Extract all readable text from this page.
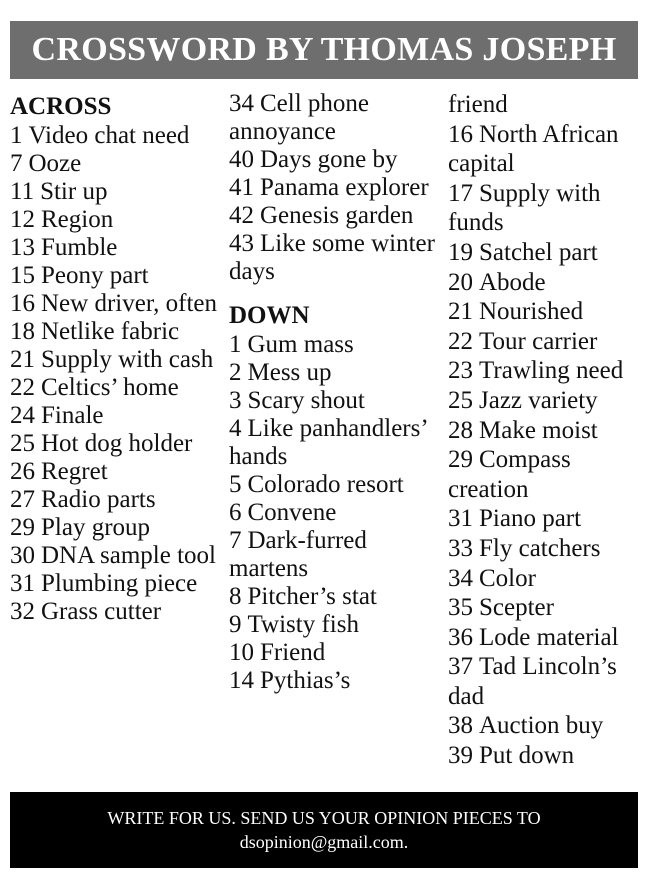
CROSSWORD BY THOMAS JOSEPH
ACROSS
1 Video chat need
7 Ooze
11 Stir up
12 Region
13 Fumble
15 Peony part
16 New driver, often
18 Netlike fabric
21 Supply with cash
22 Celtics’ home
24 Finale
25 Hot dog holder
26 Regret
27 Radio parts
29 Play group
30 DNA sample tool
31 Plumbing piece
32 Grass cutter
34 Cell phone annoyance
40 Days gone by
41 Panama explorer
42 Genesis garden
43 Like some winter days
DOWN
1 Gum mass
2 Mess up
3 Scary shout
4 Like panhandlers’ hands
5 Colorado resort
6 Convene
7 Dark-furred martens
8 Pitcher’s stat
9 Twisty fish
10 Friend
14 Pythias’s
friend
16 North African capital
17 Supply with funds
19 Satchel part
20 Abode
21 Nourished
22 Tour carrier
23 Trawling need
25 Jazz variety
28 Make moist
29 Compass creation
31 Piano part
33 Fly catchers
34 Color
35 Scepter
36 Lode material
37 Tad Lincoln’s dad
38 Auction buy
39 Put down
WRITE FOR US. SEND US YOUR OPINION PIECES TO
dsopinion@gmail.com.
